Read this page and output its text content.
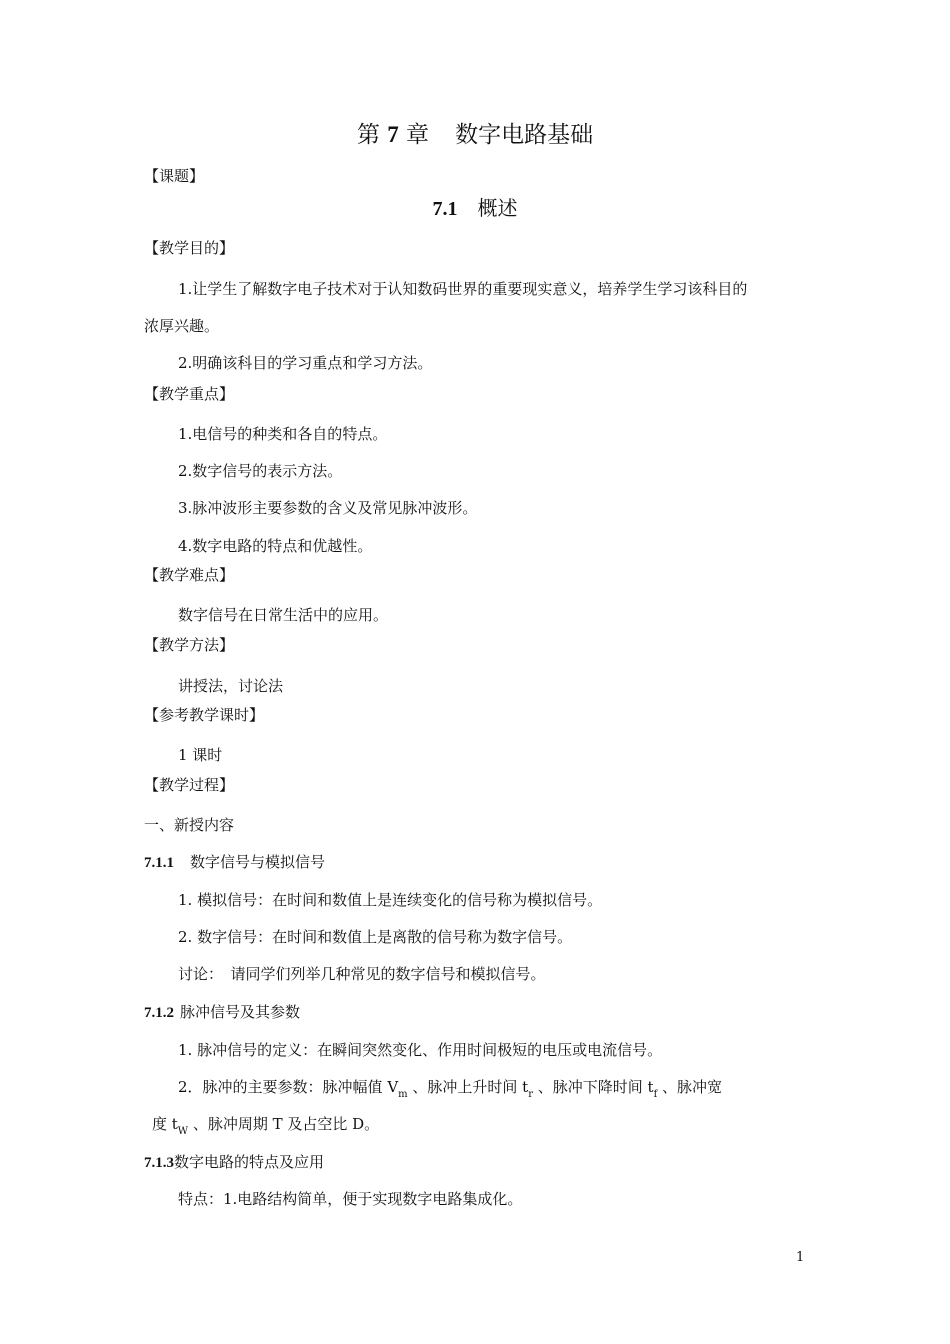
第 7 章 数字电路基础
【课题】
7.1 概述
【教学目的】
1.让学生了解数字电子技术对于认知数码世界的重要现实意义，培养学生学习该科目的
浓厚兴趣。
2.明确该科目的学习重点和学习方法。
【教学重点】
1.电信号的种类和各自的特点。
2.数字信号的表示方法。
3.脉冲波形主要参数的含义及常见脉冲波形。
4.数字电路的特点和优越性。
【教学难点】
数字信号在日常生活中的应用。
【教学方法】
讲授法，讨论法
【参考教学课时】
1 课时
【教学过程】
一、新授内容
7.1.1 数字信号与模拟信号
1. 模拟信号：在时间和数值上是连续变化的信号称为模拟信号。
2. 数字信号：在时间和数值上是离散的信号称为数字信号。
讨论：　请同学们列举几种常见的数字信号和模拟信号。
7.1.2 脉冲信号及其参数
1. 脉冲信号的定义：在瞬间突然变化、作用时间极短的电压或电流信号。
2．脉冲的主要参数：脉冲幅值 $V_m$ 、脉冲上升时间 $t_r$ 、脉冲下降时间 $t_f$ 、脉冲宽
度 $t_W$ 、脉冲周期 T 及占空比 D。
7.1.3数字电路的特点及应用
特点：1.电路结构简单，便于实现数字电路集成化。
1
